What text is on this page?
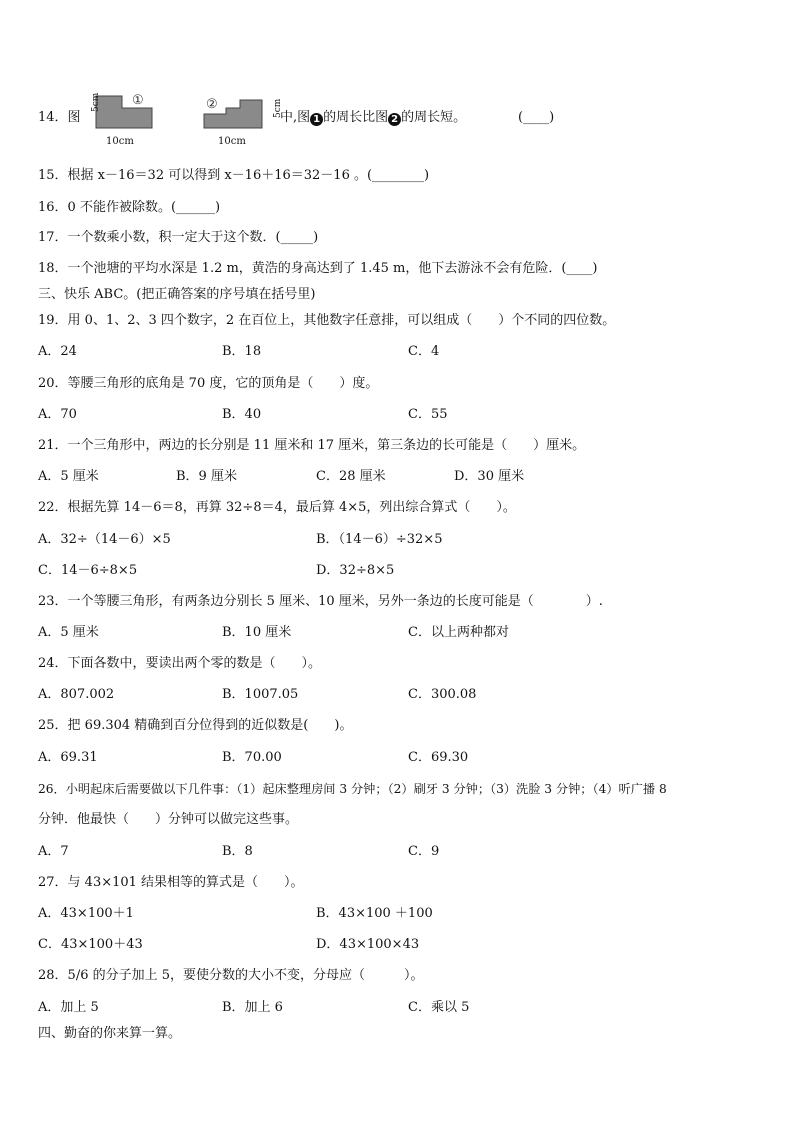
14．图
5cm ①
10cm
②	5cm
10cm
中,图 1 的周长比图 2 的周长短。	(____)
15．根据 x－16＝32 可以得到 x－16＋16＝32－16 。(________)
16．0 不能作被除数。(______)
17．一个数乘小数，积一定大于这个数．(_____)
18．一个池塘的平均水深是 1.2 m，黄浩的身高达到了 1.45 m，他下去游泳不会有危险．(____)
三、快乐 ABC。(把正确答案的序号填在括号里)
19．用 0、1、2、3 四个数字，2 在百位上，其他数字任意排，可以组成（　　）个不同的四位数。
A．24	B．18	C．4
20．等腰三角形的底角是 70 度，它的顶角是（　　）度。
A．70	B．40	C．55
21．一个三角形中，两边的长分别是 11 厘米和 17 厘米，第三条边的长可能是（　　）厘米。
A．5 厘米	B．9 厘米	C．28 厘米	D．30 厘米
22．根据先算 14－6＝8，再算 32÷8＝4，最后算 4×5，列出综合算式（　　）。
A．32÷（14－6）×5	B．（14－6）÷32×5
C．14－6÷8×5	D．32÷8×5
23．一个等腰三角形，有两条边分别长 5 厘米、10 厘米，另外一条边的长度可能是（　　　　）.
A．5 厘米	B．10 厘米	C．以上两种都对
24．下面各数中，要读出两个零的数是（　　）。
A．807.002	B．1007.05	C．300.08
25．把 69.304 精确到百分位得到的近似数是(　　)。
A．69.31	B．70.00	C．69.30
26．小明起床后需要做以下几件事：（1）起床整理房间 3 分钟；（2）刷牙 3 分钟；（3）洗脸 3 分钟；（4）听广播 8
分钟．他最快（　　）分钟可以做完这些事。
A．7	B．8	C．9
27．与 43×101 结果相等的算式是（　　）。
A．43×100＋1	B．43×100 ＋100
C．43×100＋43	D．43×100×43
28．5/6 的分子加上 5，要使分数的大小不变，分母应（　　　）。
A．加上 5	B．加上 6	C．乘以 5
四、勤奋的你来算一算。
